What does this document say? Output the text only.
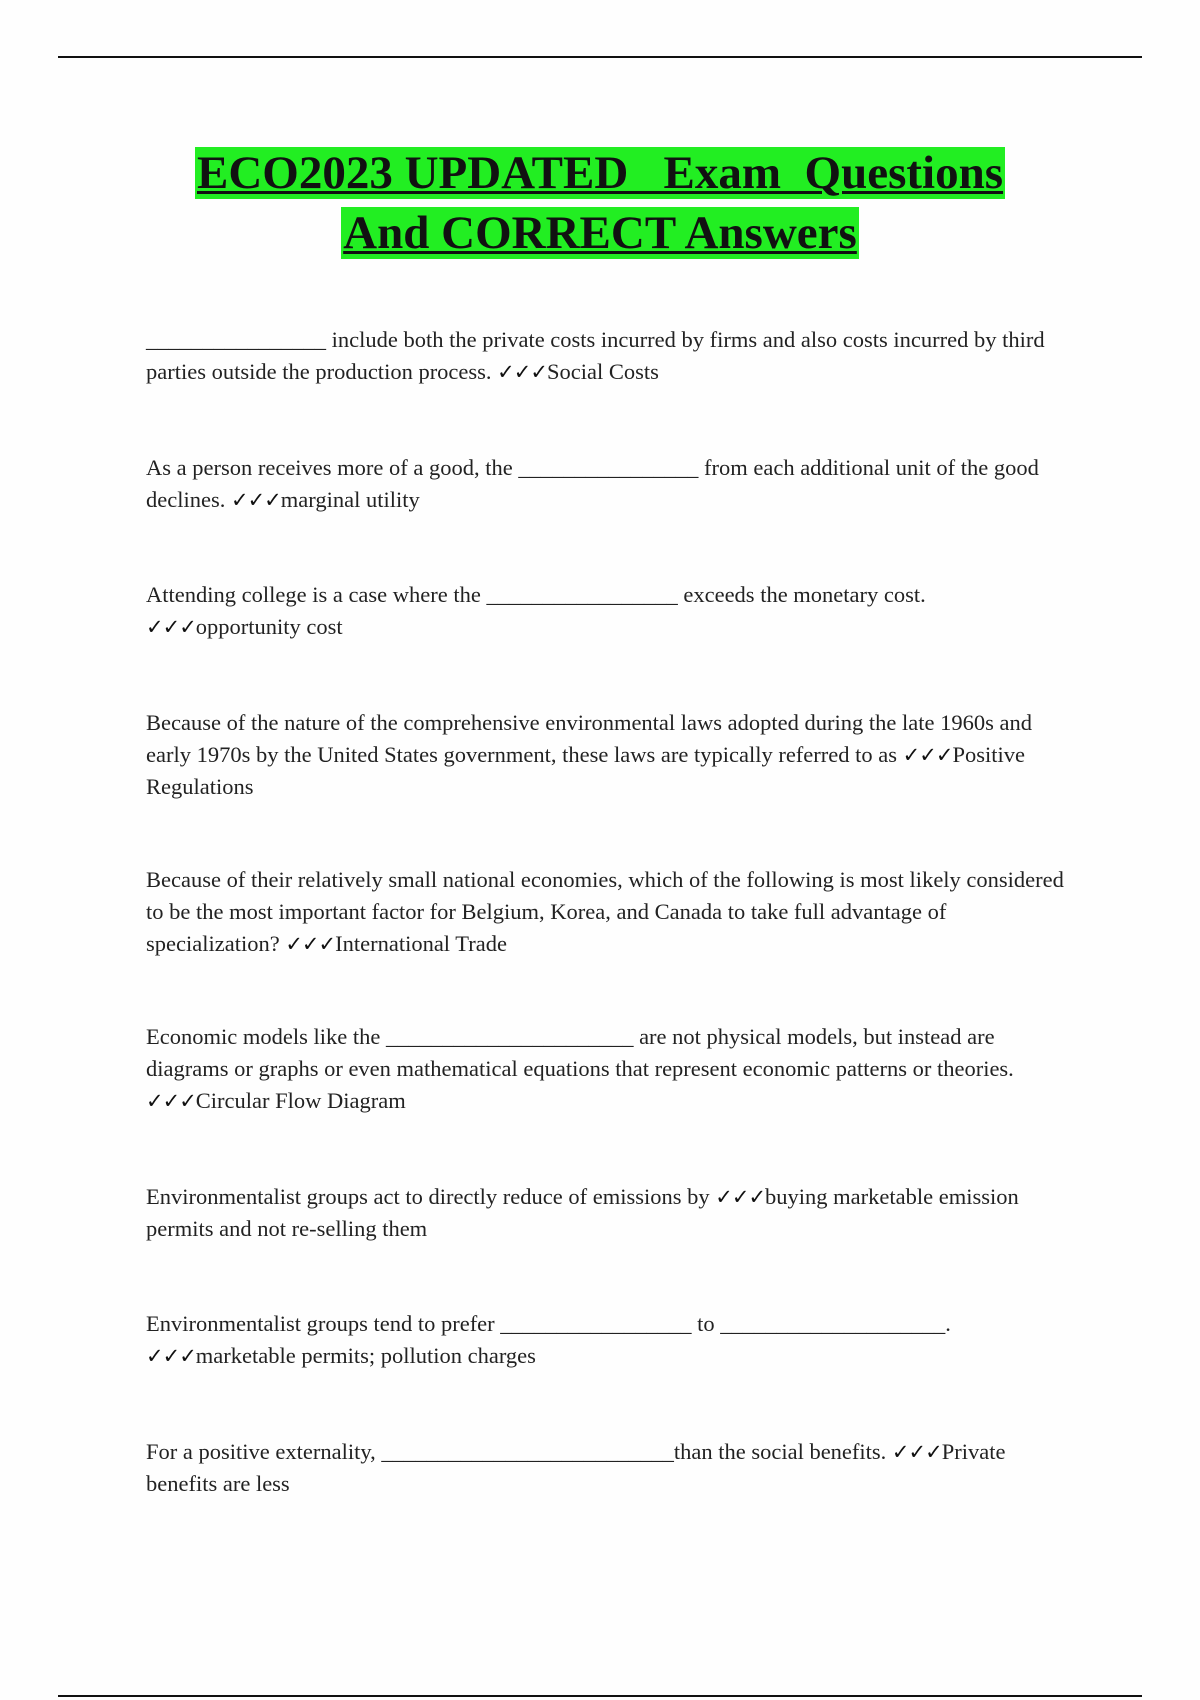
ECO2023 UPDATED   Exam  Questions
And CORRECT Answers
________________ include both the private costs incurred by firms and also costs incurred by third parties outside the production process. ✓✓✓Social Costs
As a person receives more of a good, the ________________ from each additional unit of the good declines. ✓✓✓marginal utility
Attending college is a case where the _________________ exceeds the monetary cost. ✓✓✓opportunity cost
Because of the nature of the comprehensive environmental laws adopted during the late 1960s and early 1970s by the United States government, these laws are typically referred to as ✓✓✓Positive Regulations
Because of their relatively small national economies, which of the following is most likely considered to be the most important factor for Belgium, Korea, and Canada to take full advantage of specialization? ✓✓✓International Trade
Economic models like the ______________________ are not physical models, but instead are diagrams or graphs or even mathematical equations that represent economic patterns or theories. ✓✓✓Circular Flow Diagram
Environmentalist groups act to directly reduce of emissions by ✓✓✓buying marketable emission permits and not re-selling them
Environmentalist groups tend to prefer _________________ to ____________________. ✓✓✓marketable permits; pollution charges
For a positive externality, __________________________than the social benefits. ✓✓✓Private benefits are less
